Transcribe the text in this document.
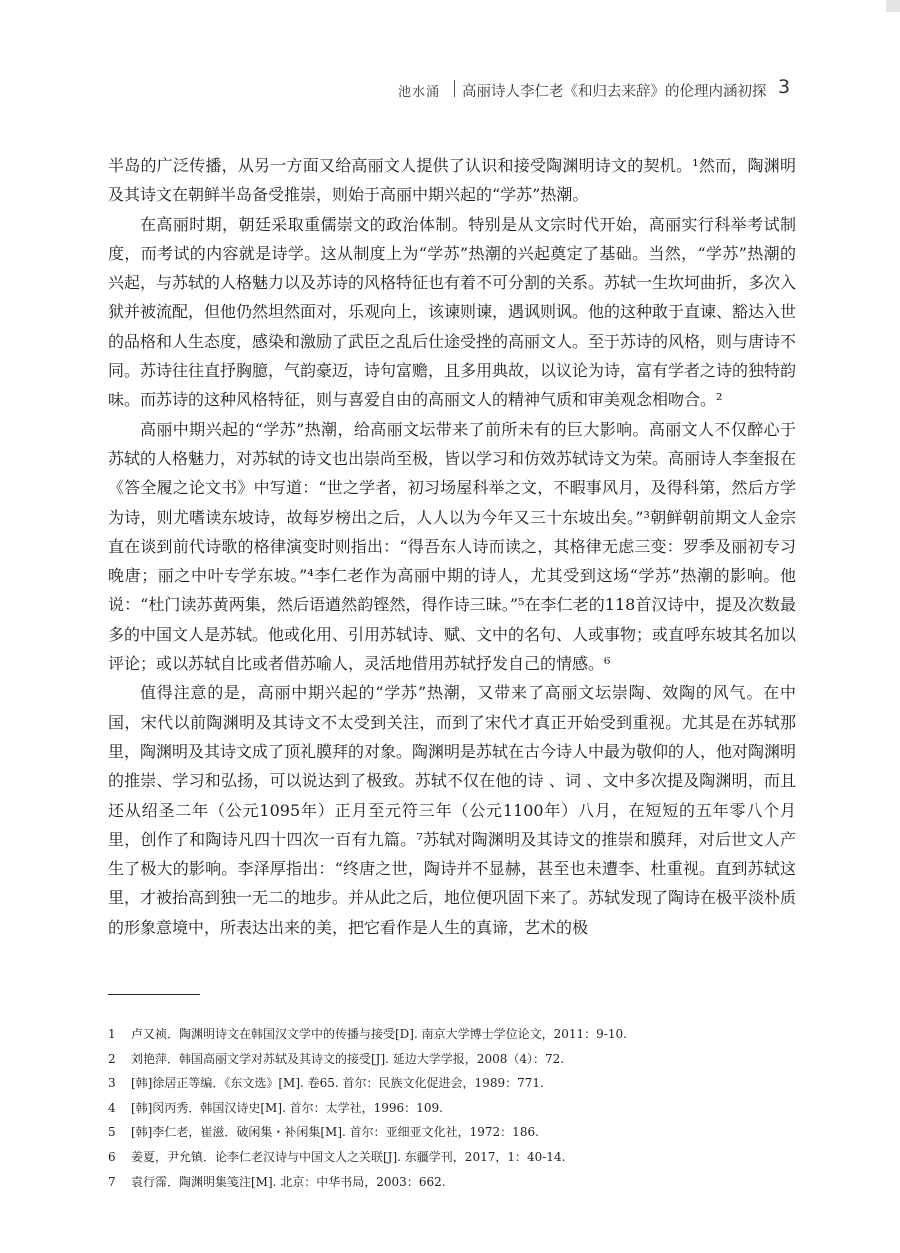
池水涌 高丽诗人李仁老《和归去来辞》的伦理内涵初探 3

半岛的广泛传播，从另一方面又给高丽文人提供了认识和接受陶渊明诗文的契机。¹然而，陶渊明及其诗文在朝鲜半岛备受推崇，则始于高丽中期兴起的“学苏”热潮。

在高丽时期，朝廷采取重儒崇文的政治体制。特别是从文宗时代开始，高丽实行科举考试制度，而考试的内容就是诗学。这从制度上为“学苏”热潮的兴起奠定了基础。当然，“学苏”热潮的兴起，与苏轼的人格魅力以及苏诗的风格特征也有着不可分割的关系。苏轼一生坎坷曲折，多次入狱并被流配，但他仍然坦然面对，乐观向上，该谏则谏，遇讽则讽。他的这种敢于直谏、豁达入世的品格和人生态度，感染和激励了武臣之乱后仕途受挫的高丽文人。至于苏诗的风格，则与唐诗不同。苏诗往往直抒胸臆，气韵豪迈，诗句富赡，且多用典故，以议论为诗，富有学者之诗的独特韵味。而苏诗的这种风格特征，则与喜爱自由的高丽文人的精神气质和审美观念相吻合。²

高丽中期兴起的“学苏”热潮，给高丽文坛带来了前所未有的巨大影响。高丽文人不仅醉心于苏轼的人格魅力，对苏轼的诗文也出崇尚至极，皆以学习和仿效苏轼诗文为荣。高丽诗人李奎报在《答全履之论文书》中写道：“世之学者，初习场屋科举之文，不暇事风月，及得科第，然后方学为诗，则尤嗜读东坡诗，故每岁榜出之后，人人以为今年又三十东坡出矣。”³朝鲜朝前期文人金宗直在谈到前代诗歌的格律演变时则指出：“得吾东人诗而读之，其格律无虑三变：罗季及丽初专习晚唐；丽之中叶专学东坡。”⁴李仁老作为高丽中期的诗人，尤其受到这场“学苏”热潮的影响。他说：“杜门读苏黄两集，然后语遒然韵铿然，得作诗三昧。”⁵在李仁老的118首汉诗中，提及次数最多的中国文人是苏轼。他或化用、引用苏轼诗、赋、文中的名句、人或事物；或直呼东坡其名加以评论；或以苏轼自比或者借苏喻人，灵活地借用苏轼抒发自己的情感。⁶

值得注意的是，高丽中期兴起的“学苏”热潮，又带来了高丽文坛崇陶、效陶的风气。在中国，宋代以前陶渊明及其诗文不太受到关注，而到了宋代才真正开始受到重视。尤其是在苏轼那里，陶渊明及其诗文成了顶礼膜拜的对象。陶渊明是苏轼在古今诗人中最为敬仰的人，他对陶渊明的推崇、学习和弘扬，可以说达到了极致。苏轼不仅在他的诗 、词 、文中多次提及陶渊明，而且还从绍圣二年（公元1095年）正月至元符三年（公元1100年）八月，在短短的五年零八个月里，创作了和陶诗凡四十四次一百有九篇。⁷苏轼对陶渊明及其诗文的推崇和膜拜，对后世文人产生了极大的影响。李泽厚指出：“终唐之世，陶诗并不显赫，甚至也未遭李、杜重视。直到苏轼这里，才被抬高到独一无二的地步。并从此之后，地位便巩固下来了。苏轼发现了陶诗在极平淡朴质的形象意境中，所表达出来的美，把它看作是人生的真谛，艺术的极

1	卢又祯．陶渊明诗文在韩国汉文学中的传播与接受[D]. 南京大学博士学位论文，2011：9-10.
2	刘艳萍．韩国高丽文学对苏轼及其诗文的接受[J]. 延边大学学报，2008（4）：72.
3	[韩]徐居正等编．《东文选》[M]. 卷65. 首尔：民族文化促进会，1989：771.
4	[韩]闵丙秀．韩国汉诗史[M]. 首尔：太学社，1996：109.
5	[韩]李仁老，崔滋．破闲集・补闲集[M]. 首尔：亚细亚文化社，1972：186.
6	姜夏，尹允镇．论李仁老汉诗与中国文人之关联[J]. 东疆学刊，2017，1：40-14.
7	袁行霈．陶渊明集笺注[M]. 北京：中华书局，2003：662.
